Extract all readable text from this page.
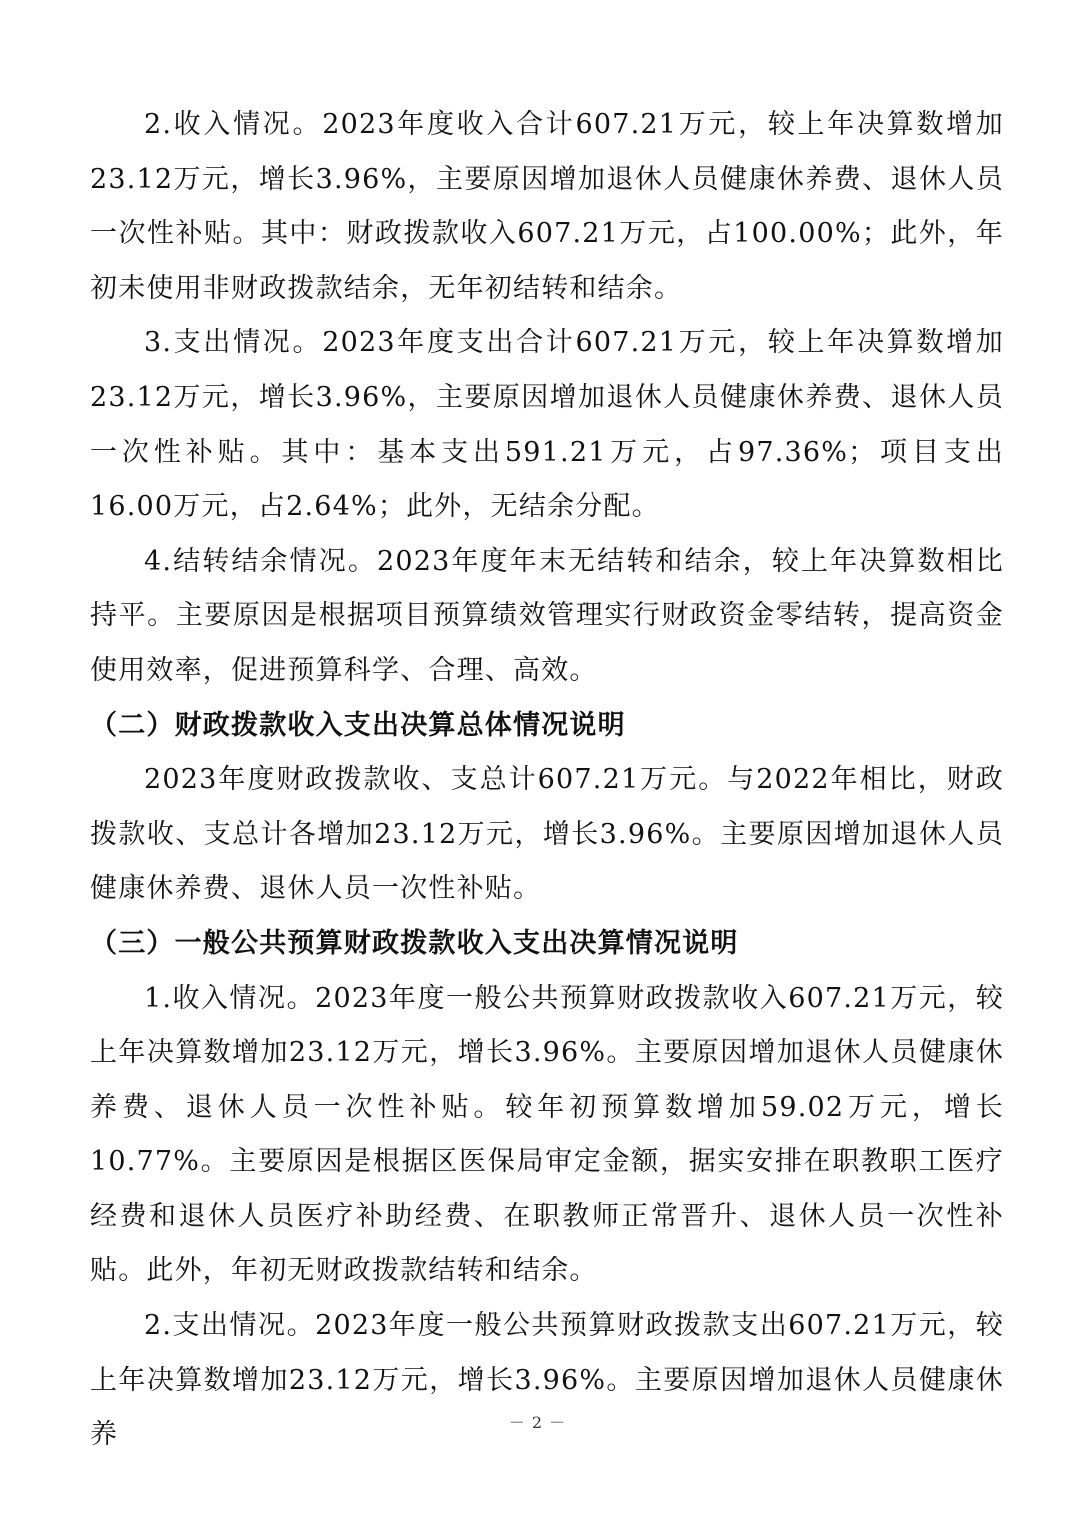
2.收入情况。2023年度收入合计607.21万元，较上年决算数增加23.12万元，增长3.96%，主要原因增加退休人员健康休养费、退休人员一次性补贴。其中：财政拨款收入607.21万元，占100.00%；此外，年初未使用非财政拨款结余，无年初结转和结余。

3.支出情况。2023年度支出合计607.21万元，较上年决算数增加23.12万元，增长3.96%，主要原因增加退休人员健康休养费、退休人员一次性补贴。其中：基本支出591.21万元，占97.36%；项目支出16.00万元，占2.64%；此外，无结余分配。

4.结转结余情况。2023年度年末无结转和结余，较上年决算数相比持平。主要原因是根据项目预算绩效管理实行财政资金零结转，提高资金使用效率，促进预算科学、合理、高效。

（二）财政拨款收入支出决算总体情况说明

2023年度财政拨款收、支总计607.21万元。与2022年相比，财政拨款收、支总计各增加23.12万元，增长3.96%。主要原因增加退休人员健康休养费、退休人员一次性补贴。

（三）一般公共预算财政拨款收入支出决算情况说明

1.收入情况。2023年度一般公共预算财政拨款收入607.21万元，较上年决算数增加23.12万元，增长3.96%。主要原因增加退休人员健康休养费、退休人员一次性补贴。较年初预算数增加59.02万元，增长10.77%。主要原因是根据区医保局审定金额，据实安排在职教职工医疗经费和退休人员医疗补助经费、在职教师正常晋升、退休人员一次性补贴。此外，年初无财政拨款结转和结余。

2.支出情况。2023年度一般公共预算财政拨款支出607.21万元，较上年决算数增加23.12万元，增长3.96%。主要原因增加退休人员健康休养	－ 2 －
